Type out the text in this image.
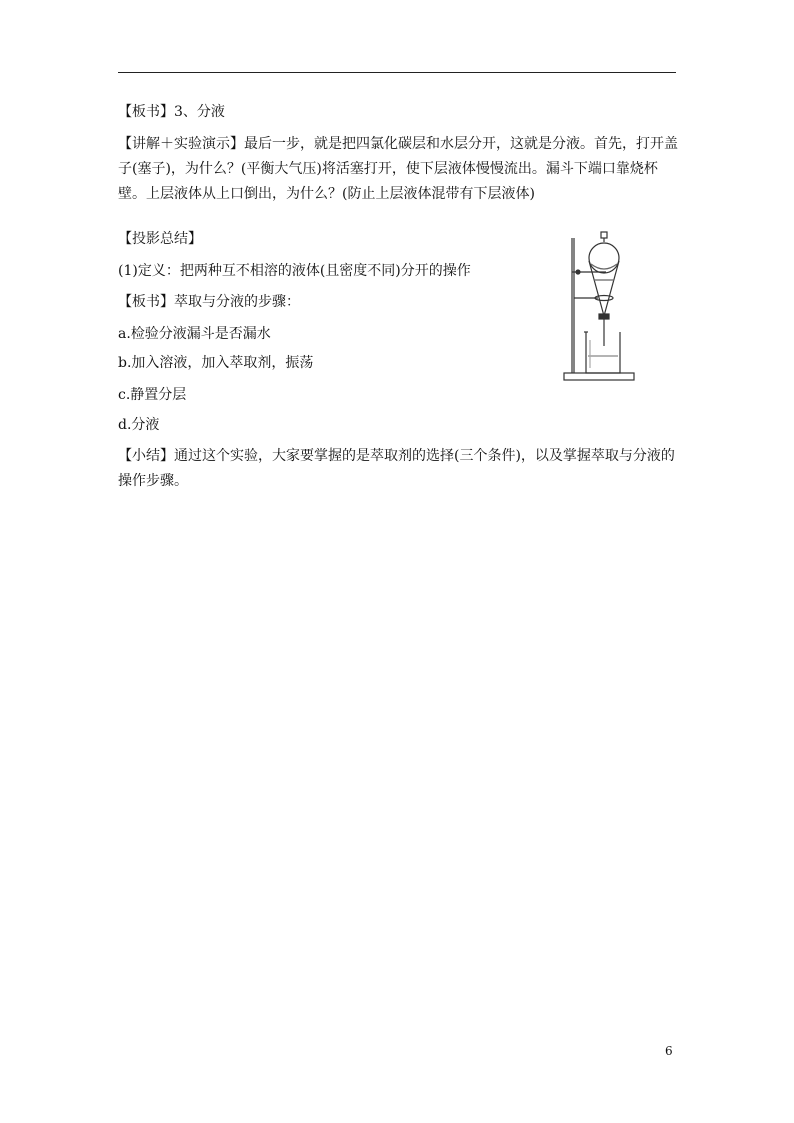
【板书】3、分液
【讲解＋实验演示】最后一步，就是把四氯化碳层和水层分开，这就是分液。首先，打开盖子(塞子)，为什么？(平衡大气压)将活塞打开，使下层液体慢慢流出。漏斗下端口靠烧杯壁。上层液体从上口倒出，为什么？(防止上层液体混带有下层液体)
【投影总结】
(1)定义：把两种互不相溶的液体(且密度不同)分开的操作
【板书】萃取与分液的步骤：
a.检验分液漏斗是否漏水
b.加入溶液，加入萃取剂，振荡
c.静置分层
d.分液
【小结】通过这个实验，大家要掌握的是萃取剂的选择(三个条件)，以及掌握萃取与分液的操作步骤。
6
